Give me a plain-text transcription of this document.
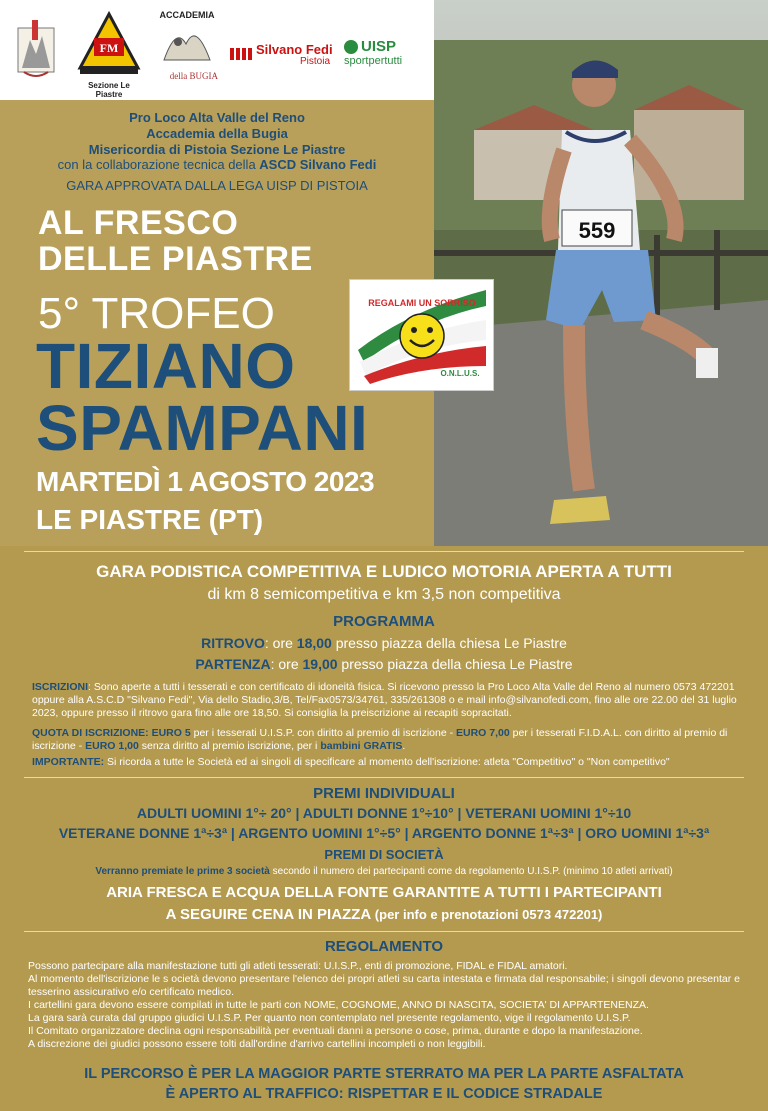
FM
Sezione Le Piastre
ACCADEMIA
della BUGIA
Silvano Fedi
Pistoia
UISP
sportpertutti
559
Pro Loco Alta Valle del Reno
Accademia della Bugia
Misericordia di Pistoia Sezione Le Piastre
con la collaborazione tecnica della ASCD Silvano Fedi
GARA APPROVATA DALLA LEGA UISP DI PISTOIA
AL FRESCO
DELLE PIASTRE
5° TROFEO
TIZIANO
SPAMPANI
MARTEDÌ 1 AGOSTO 2023
LE PIASTRE (PT)
REGALAMI UN SORRISO
O.N.L.U.S.
GARA PODISTICA COMPETITIVA E LUDICO MOTORIA APERTA A TUTTI
di km 8 semicompetitiva e km 3,5 non competitiva
PROGRAMMA
RITROVO: ore 18,00 presso piazza della chiesa Le Piastre
PARTENZA: ore 19,00 presso piazza della chiesa Le Piastre
ISCRIZIONI: Sono aperte a tutti i tesserati e con certificato di idoneità fisica. Si ricevono presso la Pro Loco Alta Valle del Reno al numero 0573 472201 oppure alla A.S.C.D "Silvano Fedi", Via dello Stadio,3/B, Tel/Fax0573/34761, 335/261308 o e mail info@silvanofedi.com, fino alle ore 22.00 del 31 luglio 2023, oppure presso il ritrovo gara fino alle ore 18,50. Si consiglia la preiscrizione ai recapiti sopracitati.
QUOTA DI ISCRIZIONE: EURO 5 per i tesserati U.I.S.P. con diritto al premio di iscrizione - EURO 7,00 per i tesserati F.I.D.A.L. con diritto al premio di iscrizione - EURO 1,00 senza diritto al premio iscrizione, per i bambini GRATIS.
IMPORTANTE: Si ricorda a tutte le Società ed ai singoli di specificare al momento dell'iscrizione: atleta "Competitivo" o "Non competitivo"
PREMI INDIVIDUALI
ADULTI UOMINI 1°÷ 20° | ADULTI DONNE 1°÷10° | VETERANI UOMINI 1°÷10
VETERANE DONNE 1ª÷3ª | ARGENTO UOMINI 1°÷5° | ARGENTO DONNE 1ª÷3ª | ORO UOMINI 1ª÷3ª
PREMI DI SOCIETÀ
Verranno premiate le prime 3 società secondo il numero dei partecipanti come da regolamento U.I.S.P. (minimo 10 atleti arrivati)
ARIA FRESCA E ACQUA DELLA FONTE GARANTITE A TUTTI I PARTECIPANTI
A SEGUIRE CENA IN PIAZZA (per info e prenotazioni 0573 472201)
REGOLAMENTO
Possono partecipare alla manifestazione tutti gli atleti tesserati: U.I.S.P., enti di promozione, FIDAL e FIDAL amatori.
Al momento dell'iscrizione le s ocietà devono presentare l'elenco dei propri atleti su carta intestata e firmata dal responsabile; i singoli devono presentar e tesserino assicurativo e/o certificato medico.
I cartellini gara devono essere compilati in tutte le parti con NOME, COGNOME, ANNO DI NASCITA, SOCIETA' DI APPARTENENZA.
La gara sarà curata dal gruppo giudici U.I.S.P. Per quanto non contemplato nel presente regolamento, vige il regolamento U.I.S.P.
Il Comitato organizzatore declina ogni responsabilità per eventuali danni a persone o cose, prima, durante e dopo la manifestazione.
A discrezione dei giudici possono essere tolti dall'ordine d'arrivo cartellini incompleti o non leggibili.
IL PERCORSO È PER LA MAGGIOR PARTE STERRATO MA PER LA PARTE ASFALTATA
È APERTO AL TRAFFICO: RISPETTAR E IL CODICE STRADALE
